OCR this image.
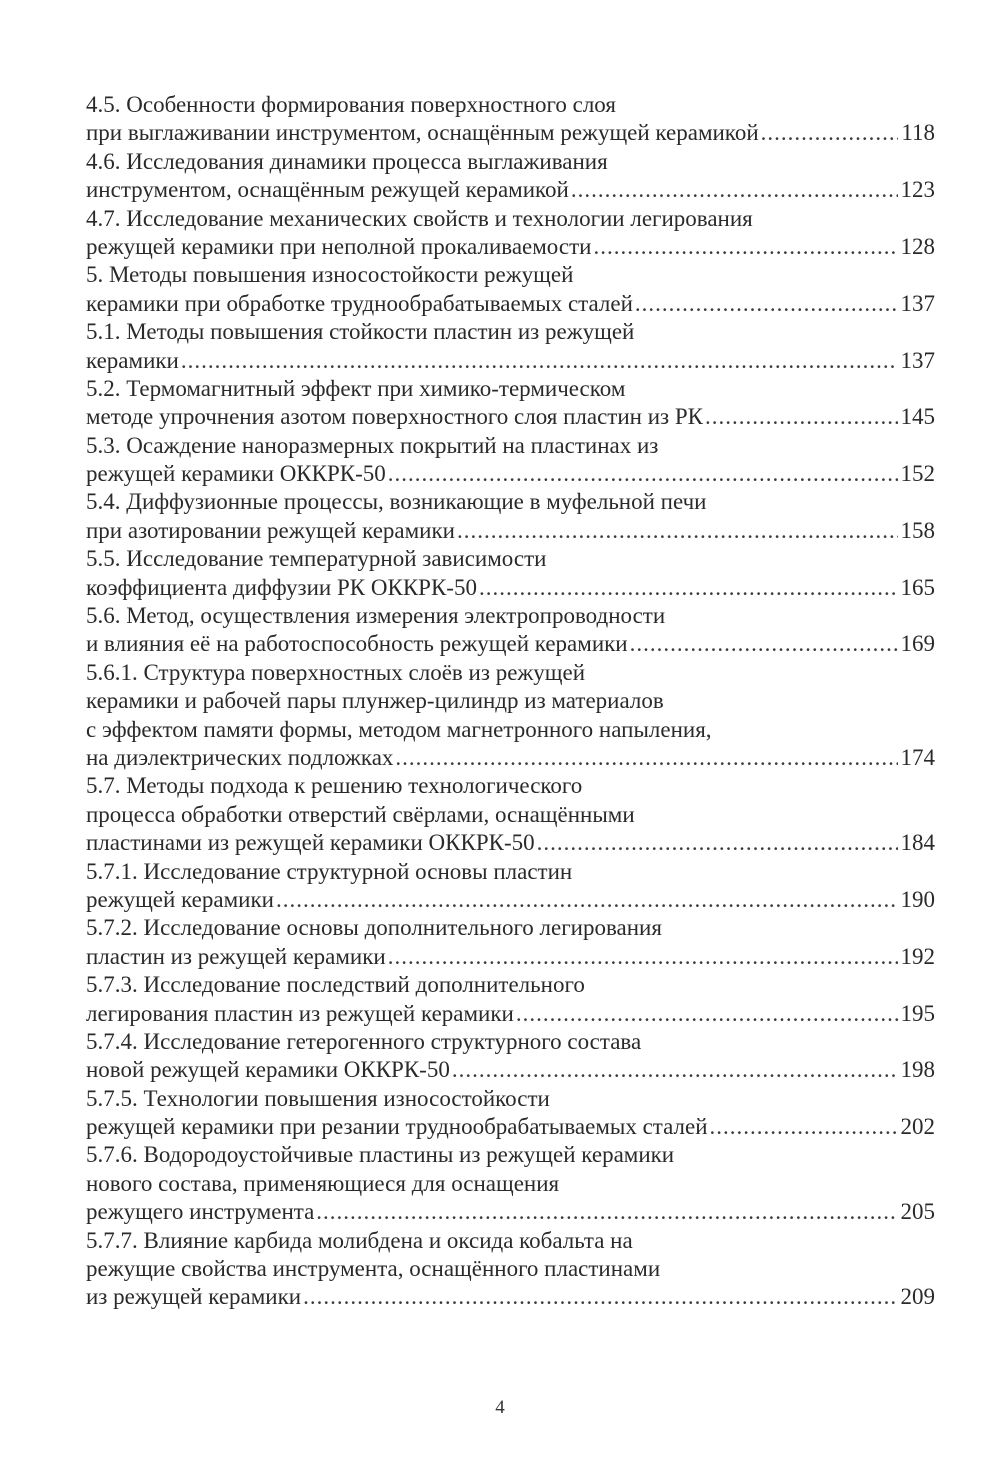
4.5. Особенности формирования поверхностного слоя
при выглаживании инструментом, оснащённым режущей керамикой .....	118
4.6. Исследования динамики процесса выглаживания
инструментом, оснащённым режущей керамикой .....	123
4.7. Исследование механических свойств и технологии легирования
режущей керамики при неполной прокаливаемости .....	128
5. Методы повышения износостойкости режущей
керамики при обработке труднообрабатываемых сталей .....	137
5.1. Методы повышения стойкости пластин из режущей
керамики .....	137
5.2. Термомагнитный эффект при химико-термическом
методе упрочнения азотом поверхностного слоя пластин из РК .....	145
5.3. Осаждение наноразмерных покрытий на пластинах из
режущей керамики ОККРК-50 .....	152
5.4. Диффузионные процессы, возникающие в муфельной печи
при азотировании режущей керамики .....	158
5.5. Исследование температурной зависимости
коэффициента диффузии РК ОККРК-50 .....	165
5.6. Метод, осуществления измерения электропроводности
и влияния её на работоспособность режущей керамики .....	169
5.6.1. Структура поверхностных слоёв из режущей
керамики и рабочей пары плунжер-цилиндр из материалов
с эффектом памяти формы, методом магнетронного напыления,
на диэлектрических подложках .....	174
5.7. Методы подхода к решению технологического
процесса обработки отверстий свёрлами, оснащёнными
пластинами из режущей керамики ОККРК-50 .....	184
5.7.1. Исследование структурной основы пластин
режущей керамики .....	190
5.7.2. Исследование основы дополнительного легирования
пластин из режущей керамики .....	192
5.7.3. Исследование последствий дополнительного
легирования пластин из режущей керамики .....	195
5.7.4. Исследование гетерогенного структурного состава
новой режущей керамики ОККРК-50 .....	198
5.7.5. Технологии повышения износостойкости
режущей керамики при резании труднообрабатываемых сталей .....	202
5.7.6. Водородоустойчивые пластины из режущей керамики
нового состава, применяющиеся для оснащения
режущего инструмента .....	205
5.7.7. Влияние карбида молибдена и оксида кобальта на
режущие свойства инструмента, оснащённого пластинами
из режущей керамики .....	209
4
